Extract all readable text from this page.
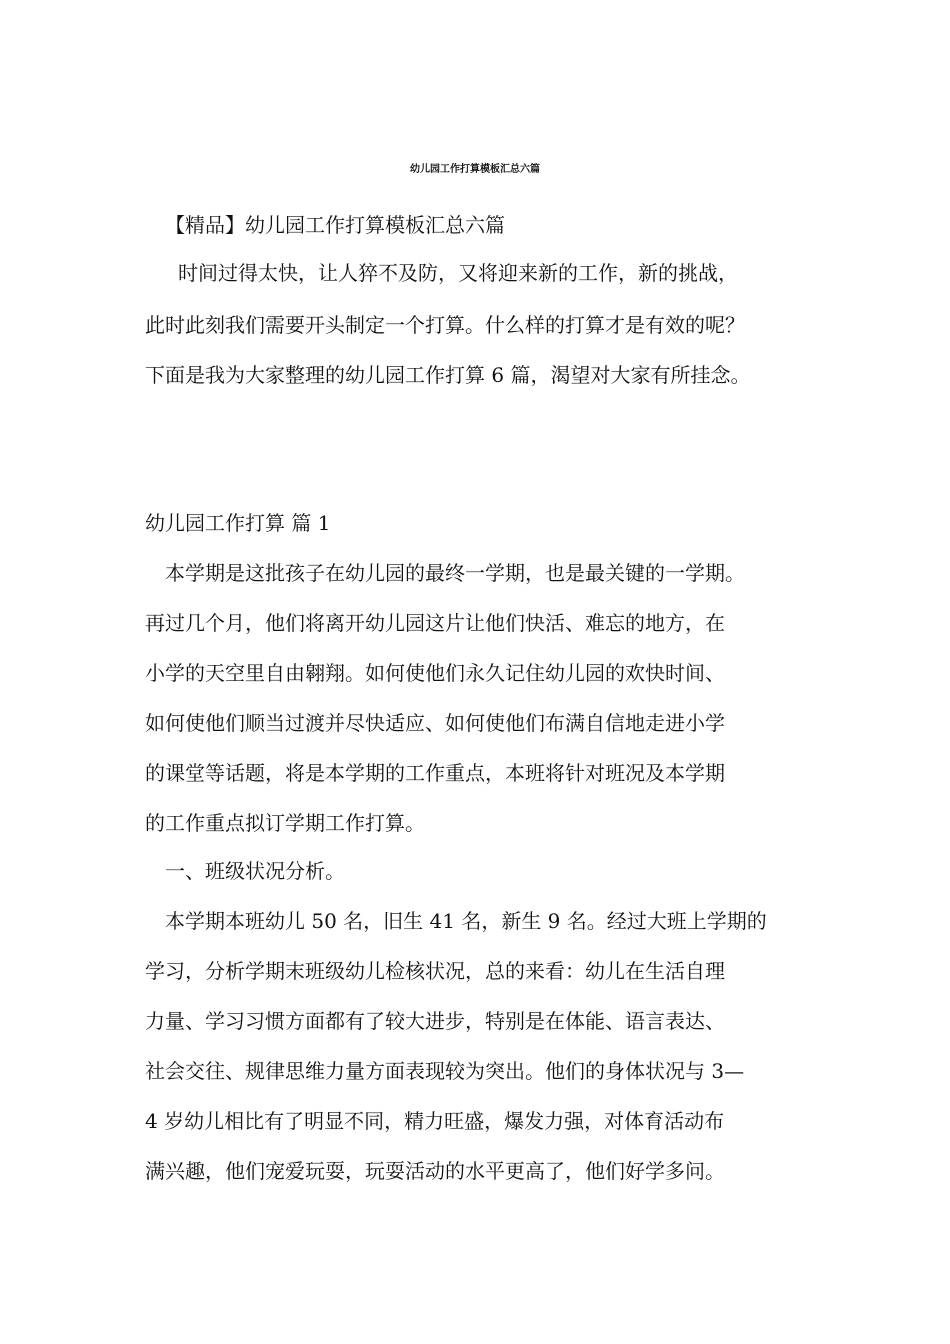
幼儿园工作打算模板汇总六篇
【精品】幼儿园工作打算模板汇总六篇
时间过得太快，让人猝不及防，又将迎来新的工作，新的挑战，
此时此刻我们需要开头制定一个打算。什么样的打算才是有效的呢？
下面是我为大家整理的幼儿园工作打算 6 篇，渴望对大家有所挂念。
幼儿园工作打算 篇 1
本学期是这批孩子在幼儿园的最终一学期，也是最关键的一学期。
再过几个月，他们将离开幼儿园这片让他们快活、难忘的地方，在
小学的天空里自由翱翔。如何使他们永久记住幼儿园的欢快时间、
如何使他们顺当过渡并尽快适应、如何使他们布满自信地走进小学
的课堂等话题，将是本学期的工作重点，本班将针对班况及本学期
的工作重点拟订学期工作打算。
一、班级状况分析。
本学期本班幼儿 50 名，旧生 41 名，新生 9 名。经过大班上学期的
学习，分析学期末班级幼儿检核状况，总的来看：幼儿在生活自理
力量、学习习惯方面都有了较大进步，特别是在体能、语言表达、
社会交往、规律思维力量方面表现较为突出。他们的身体状况与 3—
4 岁幼儿相比有了明显不同，精力旺盛，爆发力强，对体育活动布
满兴趣，他们宠爱玩耍，玩耍活动的水平更高了，他们好学多问。
